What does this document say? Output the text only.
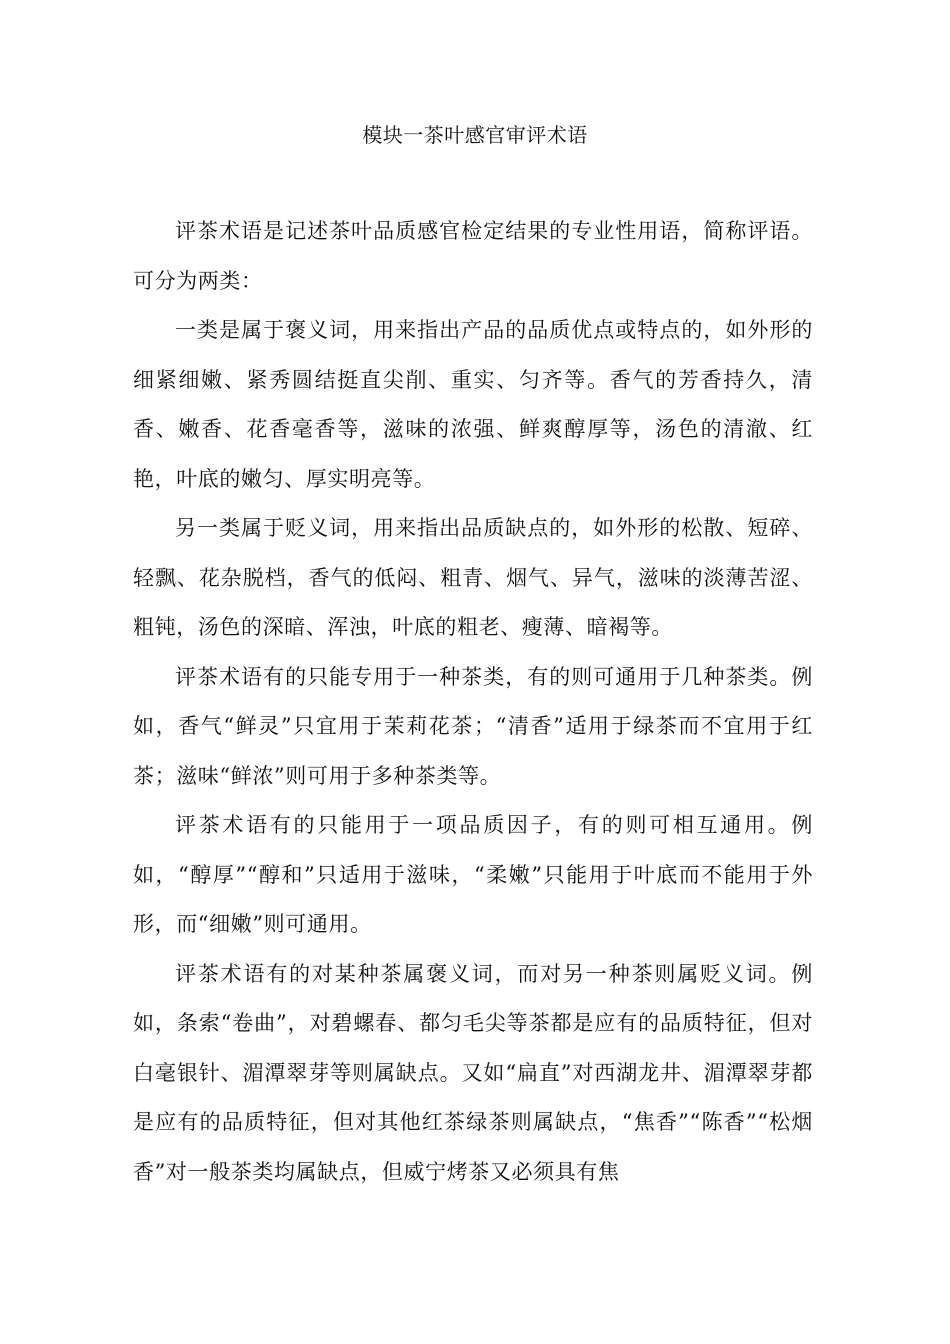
模块一茶叶感官审评术语

评茶术语是记述茶叶品质感官检定结果的专业性用语，简称评语。可分为两类：

一类是属于褒义词，用来指出产品的品质优点或特点的，如外形的细紧细嫩、紧秀圆结挺直尖削、重实、匀齐等。香气的芳香持久，清香、嫩香、花香毫香等，滋味的浓强、鲜爽醇厚等，汤色的清澈、红艳，叶底的嫩匀、厚实明亮等。

另一类属于贬义词，用来指出品质缺点的，如外形的松散、短碎、轻飘、花杂脱档，香气的低闷、粗青、烟气、异气，滋味的淡薄苦涩、粗钝，汤色的深暗、浑浊，叶底的粗老、瘦薄、暗褐等。

评茶术语有的只能专用于一种茶类，有的则可通用于几种茶类。例如，香气“鲜灵”只宜用于茉莉花茶；“清香”适用于绿茶而不宜用于红茶；滋味“鲜浓”则可用于多种茶类等。

评茶术语有的只能用于一项品质因子，有的则可相互通用。例如，“醇厚”“醇和”只适用于滋味，“柔嫩”只能用于叶底而不能用于外形，而“细嫩”则可通用。

评茶术语有的对某种茶属褒义词，而对另一种茶则属贬义词。例如，条索“卷曲”，对碧螺春、都匀毛尖等茶都是应有的品质特征，但对白毫银针、湄潭翠芽等则属缺点。又如“扁直”对西湖龙井、湄潭翠芽都是应有的品质特征，但对其他红茶绿茶则属缺点，“焦香”“陈香”“松烟香”对一般茶类均属缺点，但威宁烤茶又必须具有焦
